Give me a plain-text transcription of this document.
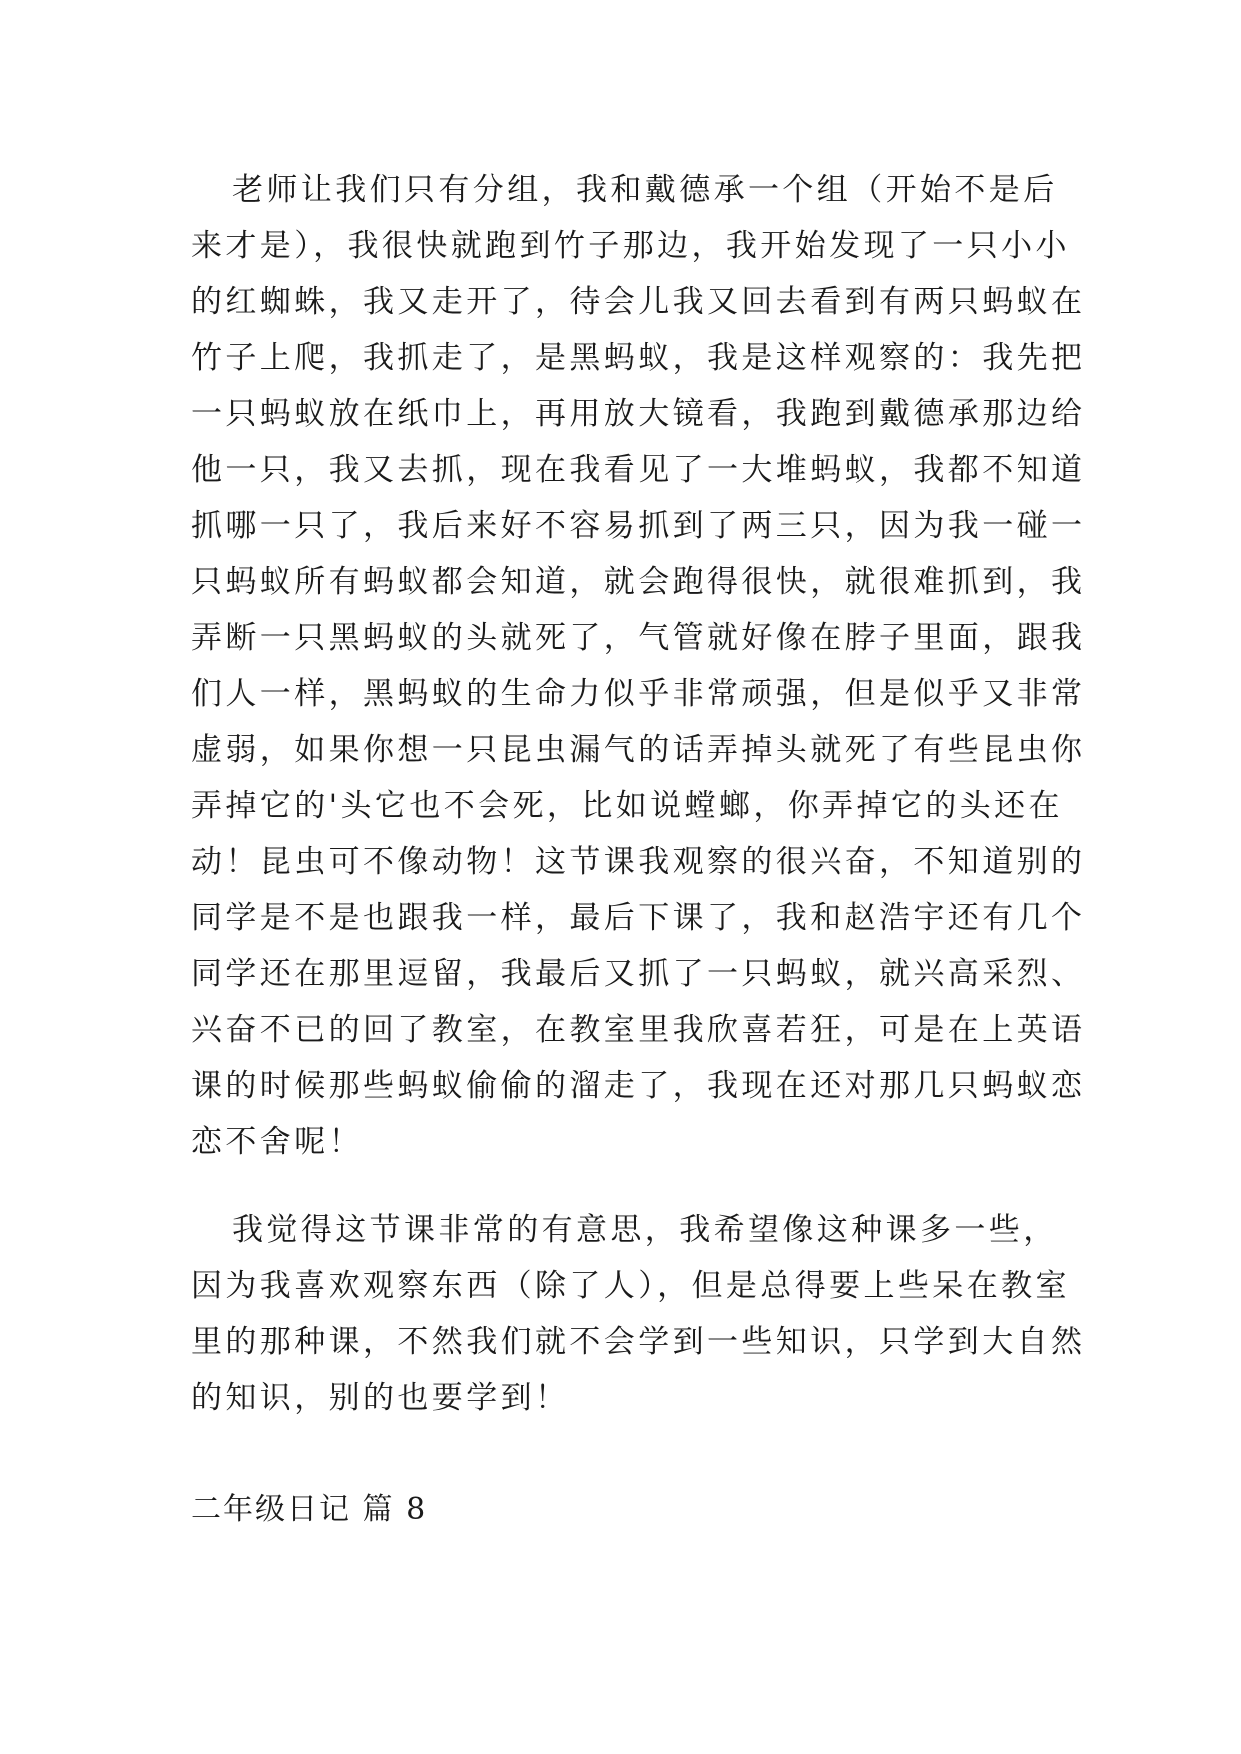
老师让我们只有分组，我和戴德承一个组（开始不是后
来才是），我很快就跑到竹子那边，我开始发现了一只小小
的红蜘蛛，我又走开了，待会儿我又回去看到有两只蚂蚁在
竹子上爬，我抓走了，是黑蚂蚁，我是这样观察的：我先把
一只蚂蚁放在纸巾上，再用放大镜看，我跑到戴德承那边给
他一只，我又去抓，现在我看见了一大堆蚂蚁，我都不知道
抓哪一只了，我后来好不容易抓到了两三只，因为我一碰一
只蚂蚁所有蚂蚁都会知道，就会跑得很快，就很难抓到，我
弄断一只黑蚂蚁的头就死了，气管就好像在脖子里面，跟我
们人一样，黑蚂蚁的生命力似乎非常顽强，但是似乎又非常
虚弱，如果你想一只昆虫漏气的话弄掉头就死了有些昆虫你
弄掉它的'头它也不会死，比如说螳螂，你弄掉它的头还在
动！昆虫可不像动物！这节课我观察的很兴奋，不知道别的
同学是不是也跟我一样，最后下课了，我和赵浩宇还有几个
同学还在那里逗留，我最后又抓了一只蚂蚁，就兴高采烈、
兴奋不已的回了教室，在教室里我欣喜若狂，可是在上英语
课的时候那些蚂蚁偷偷的溜走了，我现在还对那几只蚂蚁恋
恋不舍呢！
我觉得这节课非常的有意思，我希望像这种课多一些，
因为我喜欢观察东西（除了人），但是总得要上些呆在教室
里的那种课，不然我们就不会学到一些知识，只学到大自然
的知识，别的也要学到！
二年级日记 篇 8
